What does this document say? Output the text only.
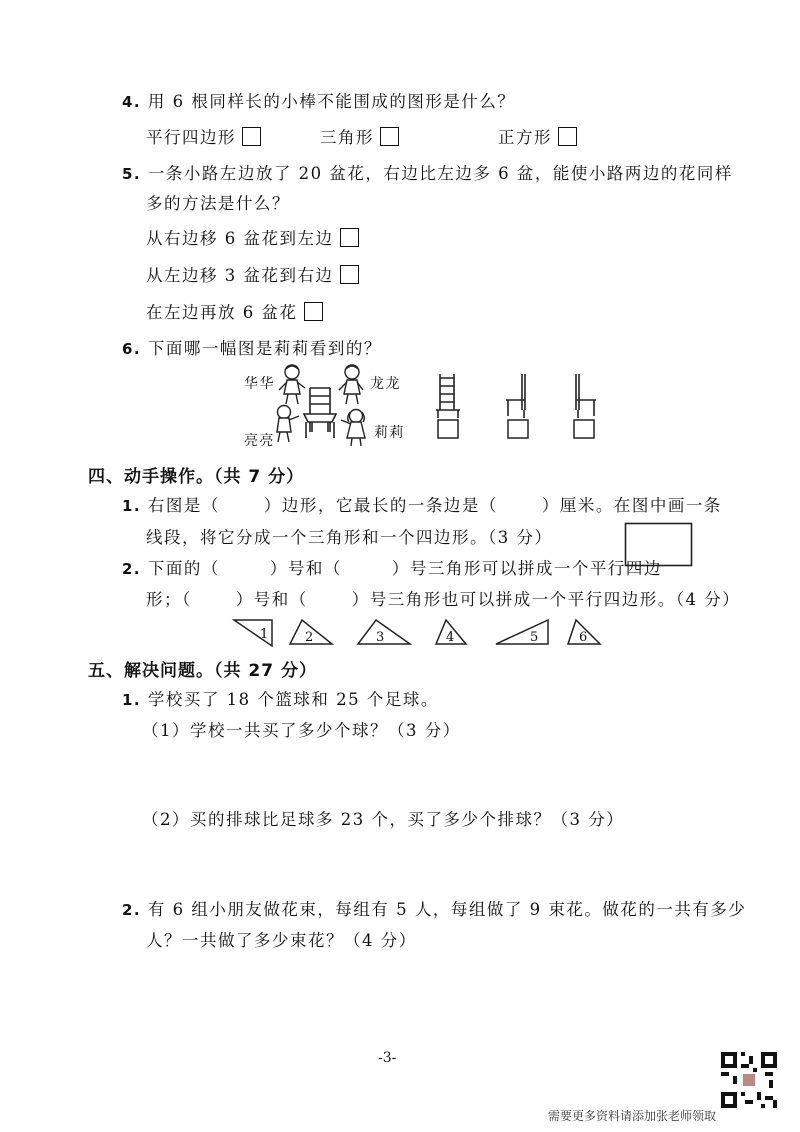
4. 用 6 根同样长的小棒不能围成的图形是什么？
平行四边形	三角形	正方形
5. 一条小路左边放了 20 盆花，右边比左边多 6 盆，能使小路两边的花同样
多的方法是什么？
从右边移 6 盆花到左边
从左边移 3 盆花到右边
在左边再放 6 盆花
6. 下面哪一幅图是莉莉看到的？
华华	龙龙
亮亮	莉莉
四、动手操作。（共 7 分）
1. 右图是（	）边形，它最长的一条边是（	）厘米。在图中画一条
线段，将它分成一个三角形和一个四边形。（3 分）
2. 下面的（	）号和（	）号三角形可以拼成一个平行四边
形；（	）号和（	）号三角形也可以拼成一个平行四边形。（4 分）
1	2	3	4	5	6
五、解决问题。（共 27 分）
1. 学校买了 18 个篮球和 25 个足球。
（1）学校一共买了多少个球？（3 分）
（2）买的排球比足球多 23 个，买了多少个排球？（3 分）
2. 有 6 组小朋友做花束，每组有 5 人，每组做了 9 束花。做花的一共有多少
人？一共做了多少束花？（4 分）
-3-
需要更多资料请添加张老师领取
